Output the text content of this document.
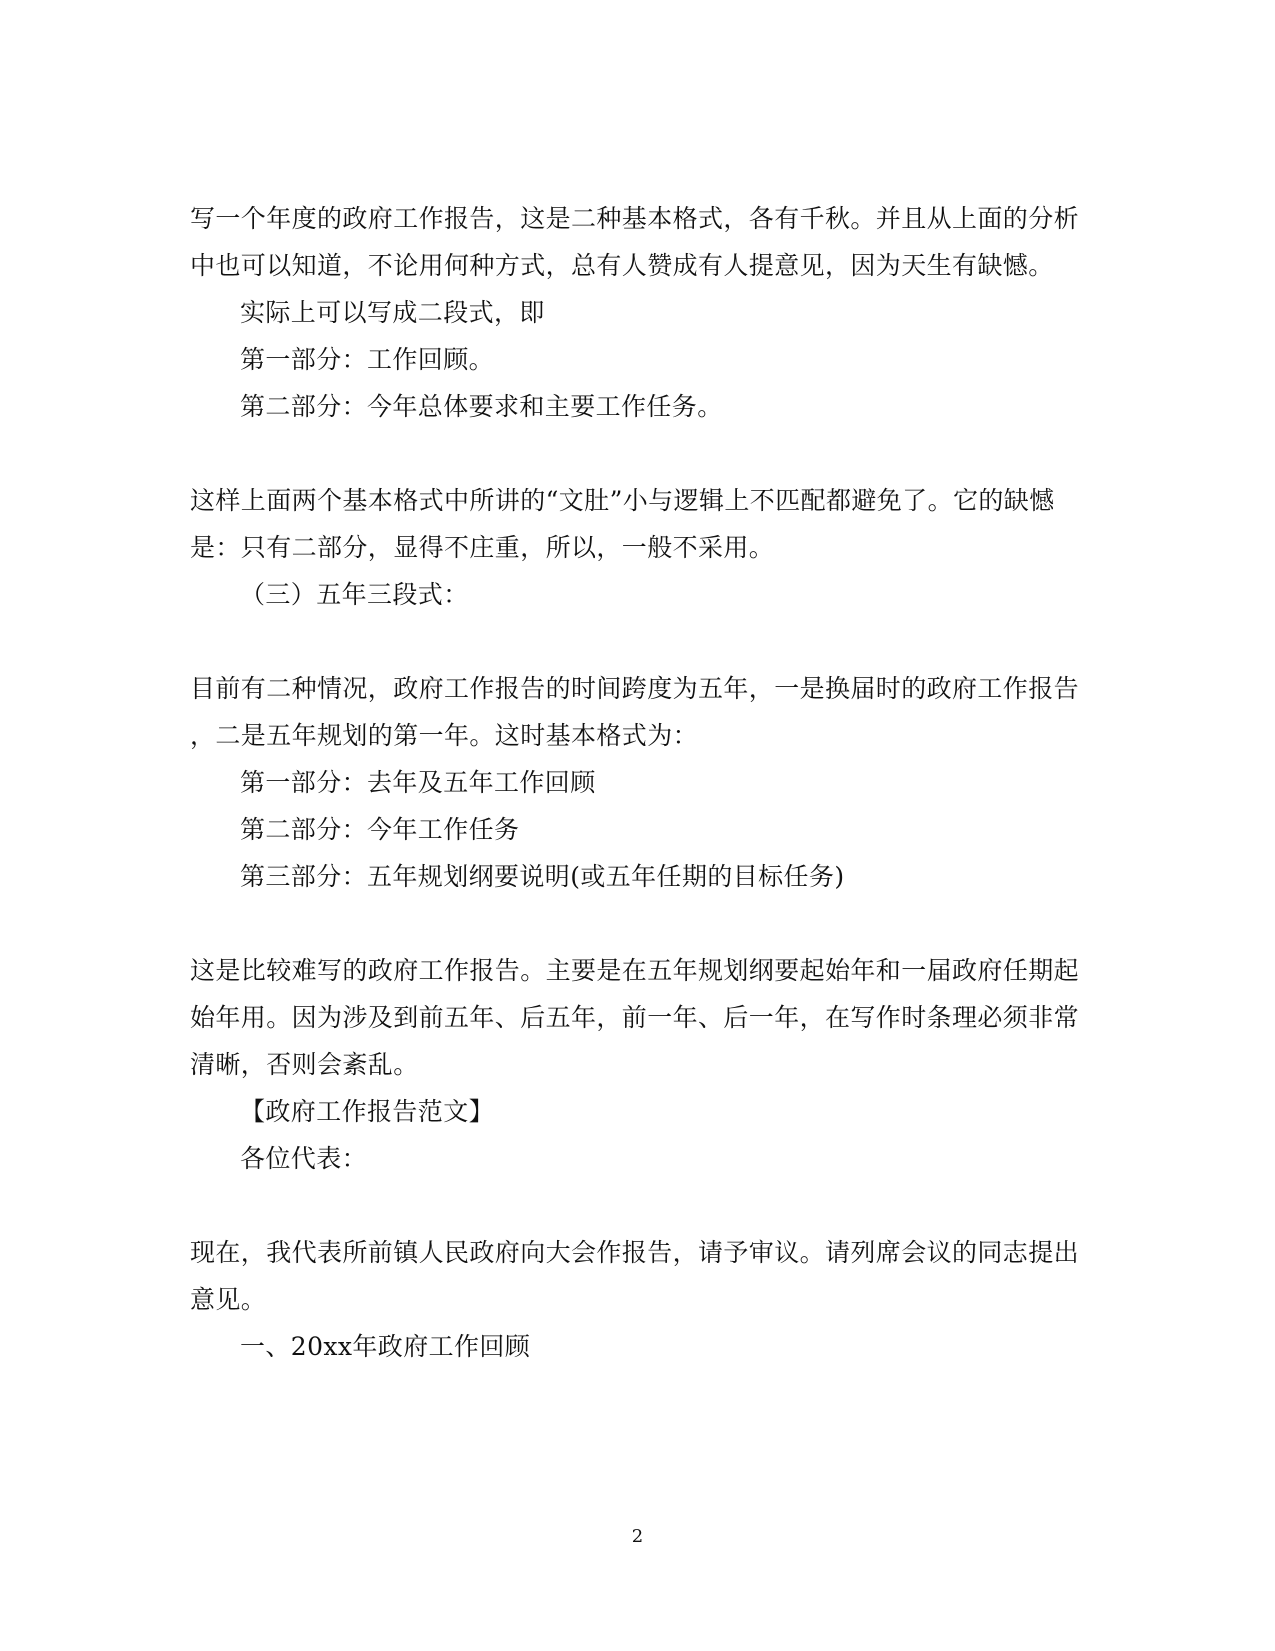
写一个年度的政府工作报告，这是二种基本格式，各有千秋。并且从上面的分析
中也可以知道，不论用何种方式，总有人赞成有人提意见，因为天生有缺憾。
实际上可以写成二段式，即
第一部分：工作回顾。
第二部分：今年总体要求和主要工作任务。
这样上面两个基本格式中所讲的“文肚”小与逻辑上不匹配都避免了。它的缺憾
是：只有二部分，显得不庄重，所以，一般不采用。
（三）五年三段式：
目前有二种情况，政府工作报告的时间跨度为五年，一是换届时的政府工作报告
，二是五年规划的第一年。这时基本格式为：
第一部分：去年及五年工作回顾
第二部分：今年工作任务
第三部分：五年规划纲要说明(或五年任期的目标任务)
这是比较难写的政府工作报告。主要是在五年规划纲要起始年和一届政府任期起
始年用。因为涉及到前五年、后五年，前一年、后一年，在写作时条理必须非常
清晰，否则会紊乱。
【政府工作报告范文】
各位代表：
现在，我代表所前镇人民政府向大会作报告，请予审议。请列席会议的同志提出
意见。
一、20xx年政府工作回顾
2
